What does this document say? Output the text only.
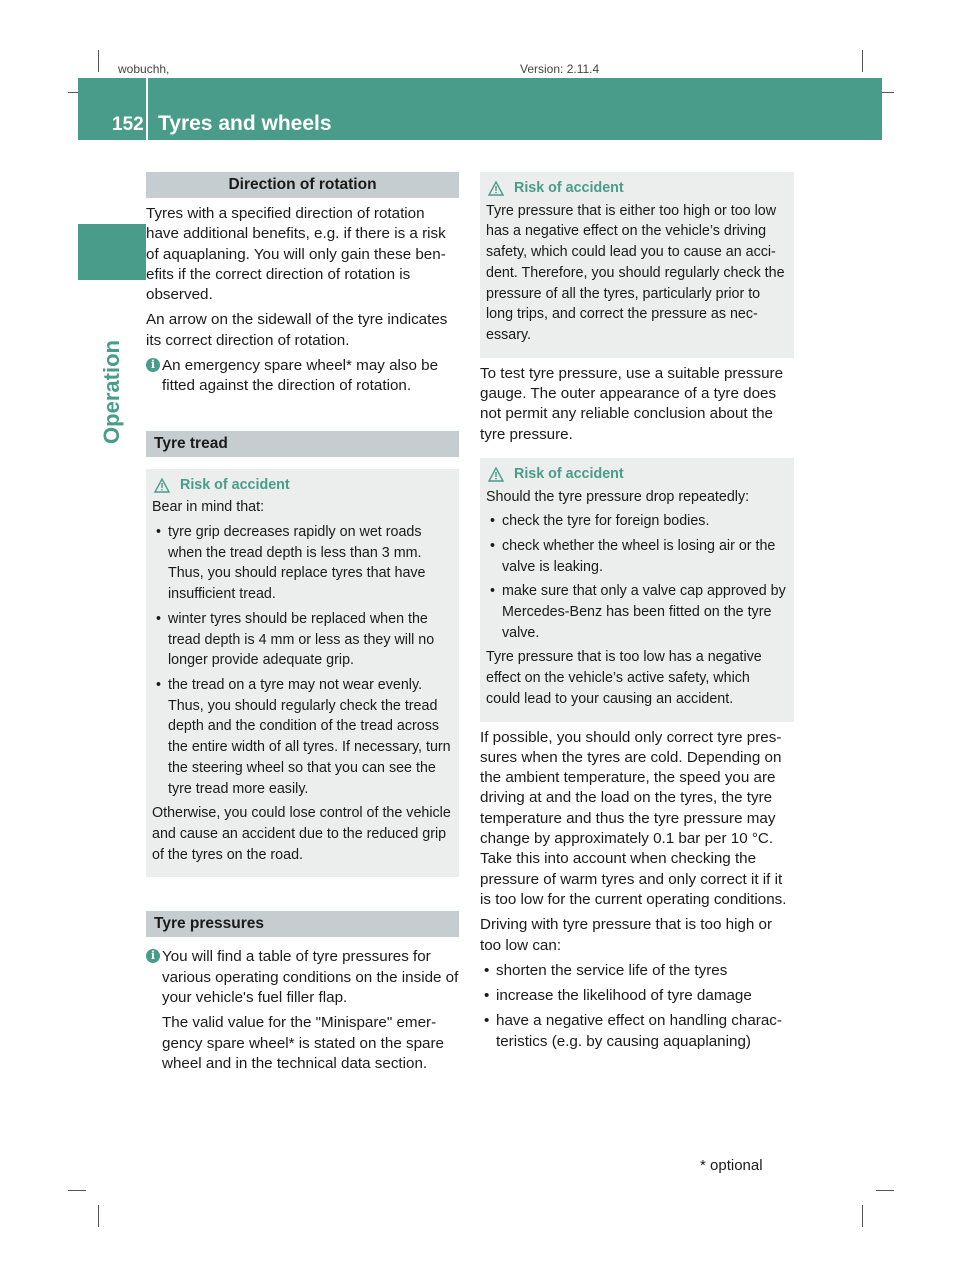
wobuchh,	Version: 2.11.4
152 Tyres and wheels
Operation
Direction of rotation

Tyres with a specified direction of rotation have additional benefits, e.g. if there is a risk of aquaplaning. You will only gain these benefits if the correct direction of rotation is observed.

An arrow on the sidewall of the tyre indicates its correct direction of rotation.

i An emergency spare wheel* may also be fitted against the direction of rotation.
Tyre tread
Risk of accident

Bear in mind that:

• tyre grip decreases rapidly on wet roads when the tread depth is less than 3 mm. Thus, you should replace tyres that have insufficient tread.
• winter tyres should be replaced when the tread depth is 4 mm or less as they will no longer provide adequate grip.
• the tread on a tyre may not wear evenly. Thus, you should regularly check the tread depth and the condition of the tread across the entire width of all tyres. If necessary, turn the steering wheel so that you can see the tyre tread more easily.

Otherwise, you could lose control of the vehicle and cause an accident due to the reduced grip of the tyres on the road.

Tyre pressures
i You will find a table of tyre pressures for various operating conditions on the inside of your vehicle's fuel filler flap.

The valid value for the "Minispare" emergency spare wheel* is stated on the spare wheel and in the technical data section.

Risk of accident

Tyre pressure that is either too high or too low has a negative effect on the vehicle’s driving safety, which could lead you to cause an accident. Therefore, you should regularly check the pressure of all the tyres, particularly prior to long trips, and correct the pressure as necessary.

To test tyre pressure, use a suitable pressure gauge. The outer appearance of a tyre does not permit any reliable conclusion about the tyre pressure.

Risk of accident

Should the tyre pressure drop repeatedly:

• check the tyre for foreign bodies.
• check whether the wheel is losing air or the valve is leaking.
• make sure that only a valve cap approved by Mercedes-Benz has been fitted on the tyre valve.

Tyre pressure that is too low has a negative effect on the vehicle’s active safety, which could lead to your causing an accident.

If possible, you should only correct tyre pressures when the tyres are cold. Depending on the ambient temperature, the speed you are driving at and the load on the tyres, the tyre temperature and thus the tyre pressure may change by approximately 0.1 bar per 10 °C. Take this into account when checking the pressure of warm tyres and only correct it if it is too low for the current operating conditions.

Driving with tyre pressure that is too high or too low can:

• shorten the service life of the tyres
• increase the likelihood of tyre damage
• have a negative effect on handling characteristics (e.g. by causing aquaplaning)
* optional
